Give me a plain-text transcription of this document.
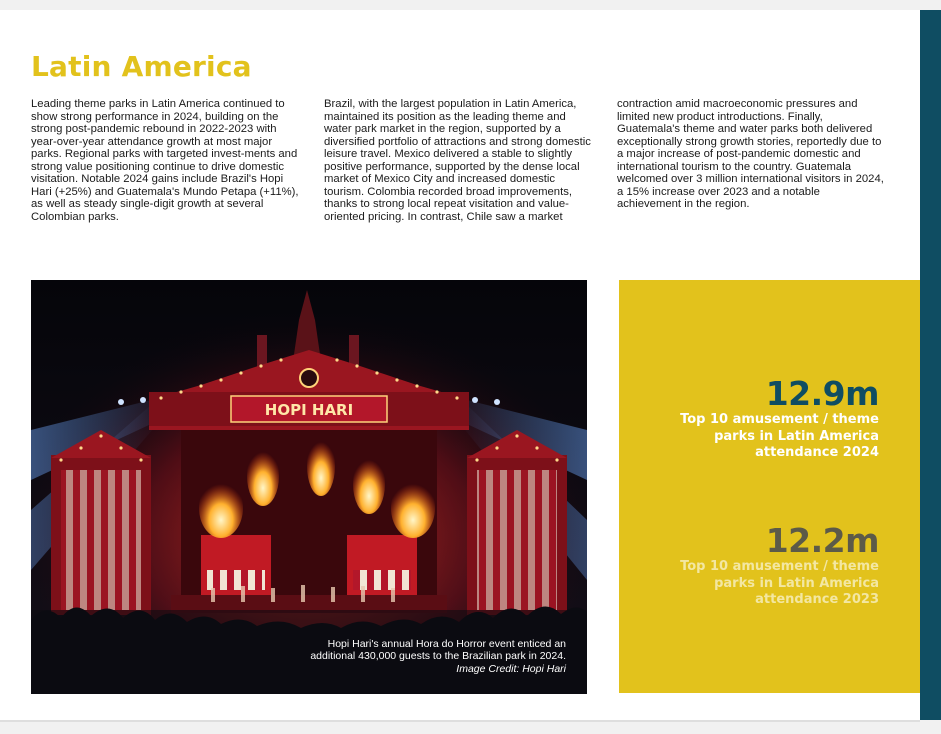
Latin America

Leading theme parks in Latin America continued to show strong performance in 2024, building on the strong post-pandemic rebound in 2022-2023 with year-over-year attendance growth at most major parks. Regional parks with targeted invest-ments and strong value positioning continue to drive domestic visitation. Notable 2024 gains include Brazil's Hopi Hari (+25%) and Guatemala's Mundo Petapa (+11%), as well as steady single-digit growth at several Colombian parks.

Brazil, with the largest population in Latin America, maintained its position as the leading theme and water park market in the region, supported by a diversified portfolio of attractions and strong domestic leisure travel. Mexico delivered a stable to slightly positive performance, supported by the dense local market of Mexico City and increased domestic tourism. Colombia recorded broad improvements, thanks to strong local repeat visitation and value-oriented pricing. In contrast, Chile saw a market

contraction amid macroeconomic pressures and limited new product introductions. Finally, Guatemala's theme and water parks both delivered exceptionally strong growth stories, reportedly due to a major increase of post-pandemic domestic and international tourism to the country. Guatemala welcomed over 3 million international visitors in 2024, a 15% increase over 2023 and a notable achievement in the region.

HOPI HARI
Hopi Hari's annual Hora do Horror event enticed an
additional 430,000 guests to the Brazilian park in 2024.
Image Credit: Hopi Hari
12.9m
Top 10 amusement / theme parks in Latin America attendance 2024
12.2m
Top 10 amusement / theme parks in Latin America attendance 2023
